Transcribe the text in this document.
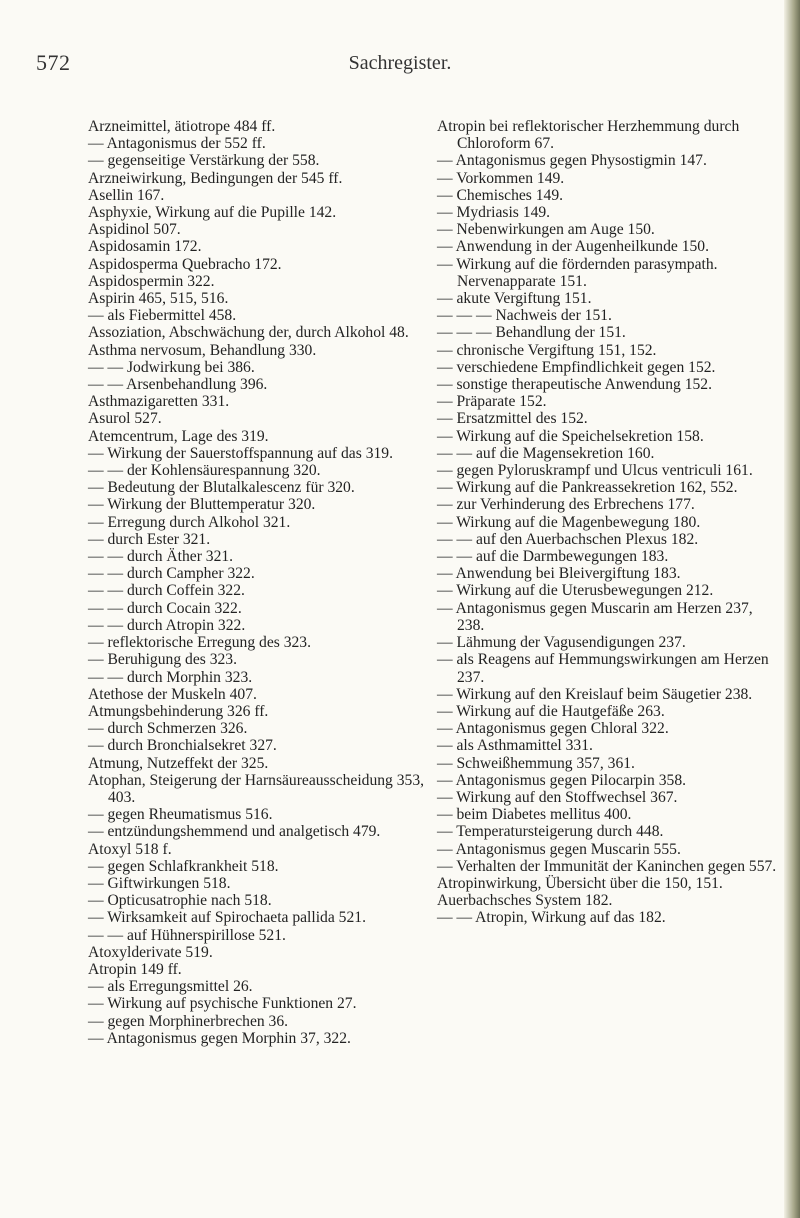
572	Sachregister.

Arzneimittel, ätiotrope 484 ff.

— Antagonismus der 552 ff.

— gegenseitige Verstärkung der 558.

Arzneiwirkung, Bedingungen der 545 ff.

Asellin 167.

Asphyxie, Wirkung auf die Pupille 142.

Aspidinol 507.

Aspidosamin 172.

Aspidosperma Quebracho 172.

Aspidospermin 322.

Aspirin 465, 515, 516.

— als Fiebermittel 458.

Assoziation, Abschwächung der, durch Alkohol 48.

Asthma nervosum, Behandlung 330.

— — Jodwirkung bei 386.

— — Arsenbehandlung 396.

Asthmazigaretten 331.

Asurol 527.

Atemcentrum, Lage des 319.

— Wirkung der Sauerstoffspannung auf das 319.

— — der Kohlensäurespannung 320.

— Bedeutung der Blutalkalescenz für 320.

— Wirkung der Bluttemperatur 320.

— Erregung durch Alkohol 321.

— durch Ester 321.

— — durch Äther 321.

— — durch Campher 322.

— — durch Coffein 322.

— — durch Cocain 322.

— — durch Atropin 322.

— reflektorische Erregung des 323.

— Beruhigung des 323.

— — durch Morphin 323.

Atethose der Muskeln 407.

Atmungsbehinderung 326 ff.

— durch Schmerzen 326.

— durch Bronchialsekret 327.

Atmung, Nutzeffekt der 325.

Atophan, Steigerung der Harnsäureausscheidung 353, 403.

— gegen Rheumatismus 516.

— entzündungshemmend und analgetisch 479.

Atoxyl 518 f.

— gegen Schlafkrankheit 518.

— Giftwirkungen 518.

— Opticusatrophie nach 518.

— Wirksamkeit auf Spirochaeta pallida 521.

— — auf Hühnerspirillose 521.

Atoxylderivate 519.

Atropin 149 ff.

— als Erregungsmittel 26.

— Wirkung auf psychische Funktionen 27.

— gegen Morphinerbrechen 36.

— Antagonismus gegen Morphin 37, 322.

Atropin bei reflektorischer Herzhemmung durch Chloroform 67.

— Antagonismus gegen Physostigmin 147.

— Vorkommen 149.

— Chemisches 149.

— Mydriasis 149.

— Nebenwirkungen am Auge 150.

— Anwendung in der Augenheilkunde 150.

— Wirkung auf die fördernden parasympath. Nervenapparate 151.

— akute Vergiftung 151.

— — — Nachweis der 151.

— — — Behandlung der 151.

— chronische Vergiftung 151, 152.

— verschiedene Empfindlichkeit gegen 152.

— sonstige therapeutische Anwendung 152.

— Präparate 152.

— Ersatzmittel des 152.

— Wirkung auf die Speichelsekretion 158.

— — auf die Magensekretion 160.

— gegen Pyloruskrampf und Ulcus ventriculi 161.

— Wirkung auf die Pankreassekretion 162, 552.

— zur Verhinderung des Erbrechens 177.

— Wirkung auf die Magenbewegung 180.

— — auf den Auerbachschen Plexus 182.

— — auf die Darmbewegungen 183.

— Anwendung bei Bleivergiftung 183.

— Wirkung auf die Uterusbewegungen 212.

— Antagonismus gegen Muscarin am Herzen 237, 238.

— Lähmung der Vagusendigungen 237.

— als Reagens auf Hemmungswirkungen am Herzen 237.

— Wirkung auf den Kreislauf beim Säugetier 238.

— Wirkung auf die Hautgefäße 263.

— Antagonismus gegen Chloral 322.

— als Asthmamittel 331.

— Schweißhemmung 357, 361.

— Antagonismus gegen Pilocarpin 358.

— Wirkung auf den Stoffwechsel 367.

— beim Diabetes mellitus 400.

— Temperatursteigerung durch 448.

— Antagonismus gegen Muscarin 555.

— Verhalten der Immunität der Kaninchen gegen 557.

Atropinwirkung, Übersicht über die 150, 151.

Auerbachsches System 182.

— — Atropin, Wirkung auf das 182.
